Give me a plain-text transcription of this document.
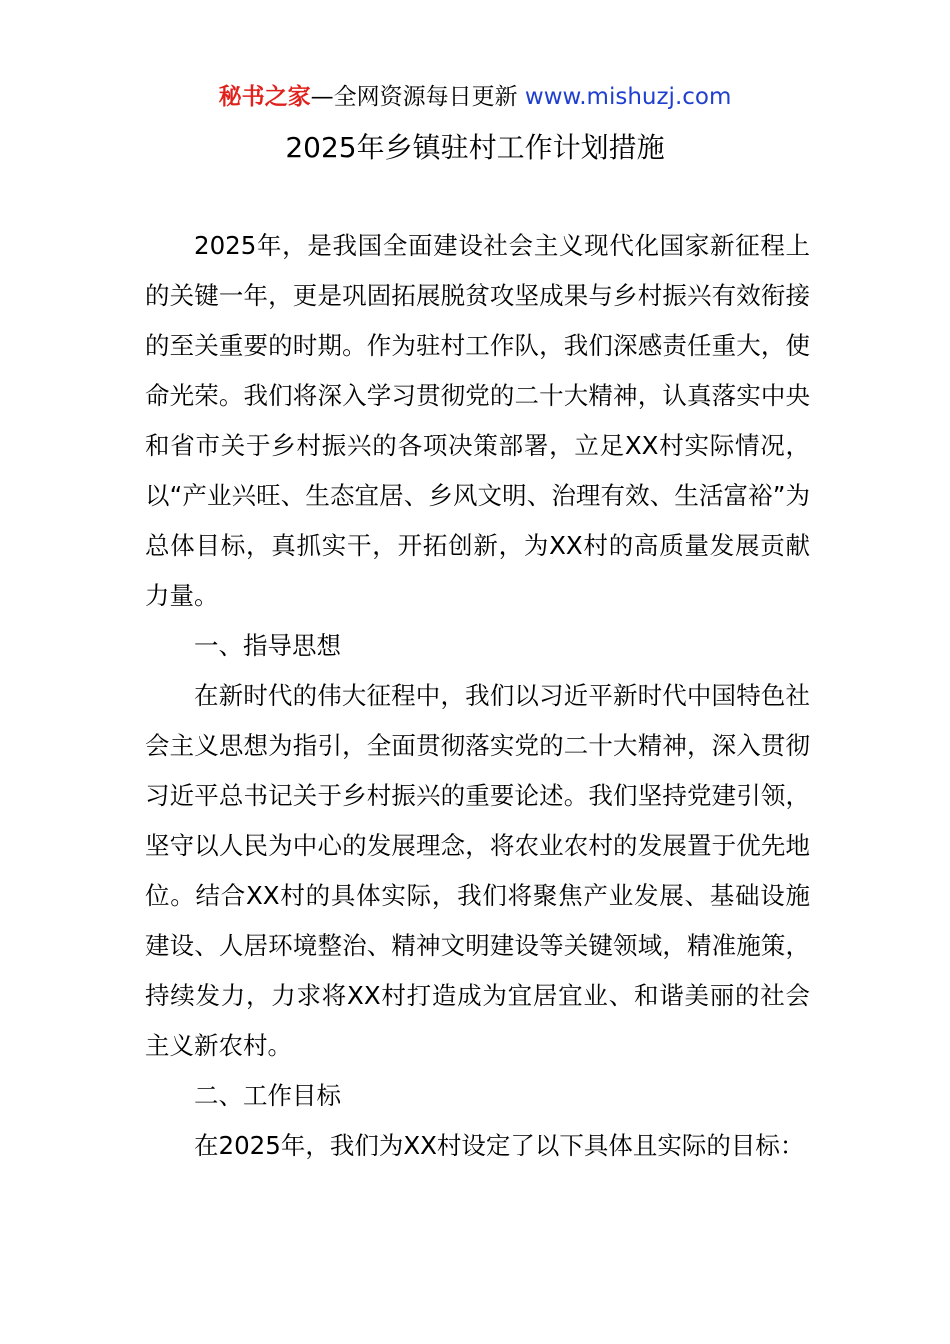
秘书之家—全网资源每日更新 www.mishuzj.com
2025年乡镇驻村工作计划措施

2025年，是我国全面建设社会主义现代化国家新征程上的关键一年，更是巩固拓展脱贫攻坚成果与乡村振兴有效衔接的至关重要的时期。作为驻村工作队，我们深感责任重大，使命光荣。我们将深入学习贯彻党的二十大精神，认真落实中央和省市关于乡村振兴的各项决策部署，立足XX村实际情况，以“产业兴旺、生态宜居、乡风文明、治理有效、生活富裕”为总体目标，真抓实干，开拓创新，为XX村的高质量发展贡献力量。

一、指导思想

在新时代的伟大征程中，我们以习近平新时代中国特色社会主义思想为指引，全面贯彻落实党的二十大精神，深入贯彻习近平总书记关于乡村振兴的重要论述。我们坚持党建引领，坚守以人民为中心的发展理念，将农业农村的发展置于优先地位。结合XX村的具体实际，我们将聚焦产业发展、基础设施建设、人居环境整治、精神文明建设等关键领域，精准施策，持续发力，力求将XX村打造成为宜居宜业、和谐美丽的社会主义新农村。

二、工作目标

在2025年，我们为XX村设定了以下具体且实际的目标：
